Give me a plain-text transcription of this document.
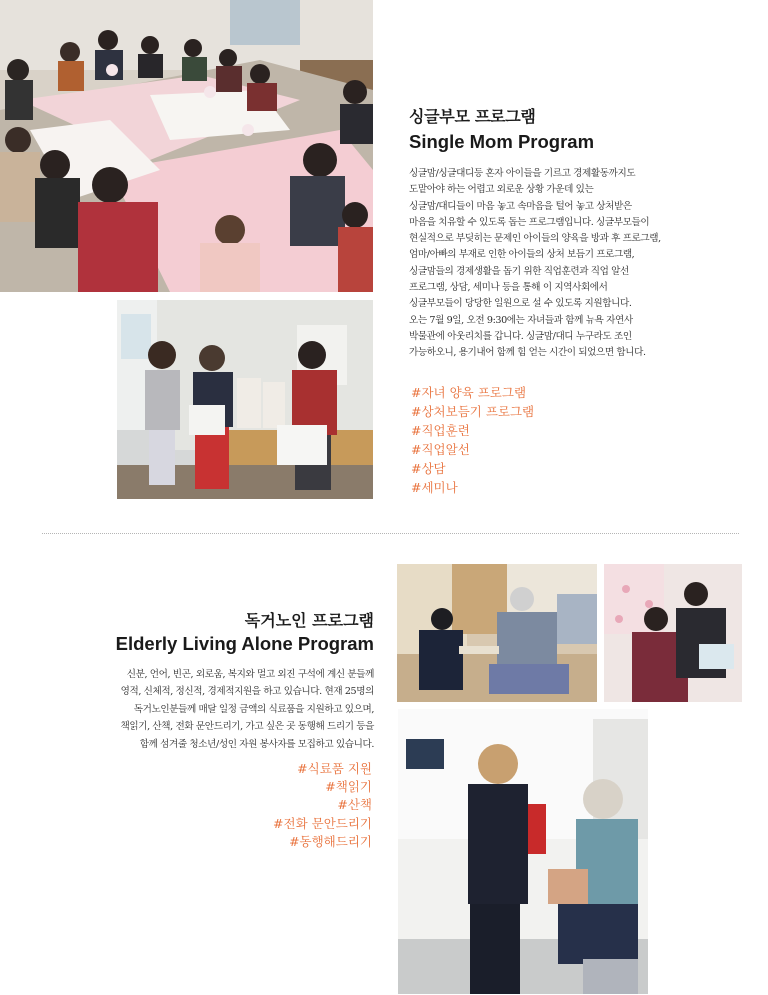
싱글부모 프로그램
Single Mom Program
싱글맘/싱글대디등 혼자 아이들을 기르고 경제활동까지도
도맡아야 하는 어렵고 외로운 상황 가운데 있는
싱글맘/대디들이 마음 놓고 속마음을 털어 놓고 상처받은
마음을 치유할 수 있도록 돕는 프로그램입니다. 싱글부모들이
현실적으로 부딪히는 문제인 아이들의 양육을 방과 후 프로그램,
엄마/아빠의 부재로 인한 아이들의 상처 보듬기 프로그램,
싱글맘들의 경제생활을 돕기 위한 직업훈련과 직업 알선
프로그램, 상담, 세미나 등을 통해 이 지역사회에서
싱글부모들이 당당한 일원으로 설 수 있도록 지원합니다.
오는 7월 9일, 오전 9:30에는 자녀들과 함께 뉴욕 자연사
박물관에 아웃리치를 갑니다. 싱글맘/대디 누구라도 조인
가능하오니, 용기내어 함께 힘 얻는 시간이 되었으면 합니다.
#자녀 양육 프로그램
#상처보듬기 프로그램
#직업훈련
#직업알선
#상담
#세미나
독거노인 프로그램
Elderly Living Alone Program
신분, 언어, 빈곤, 외로움, 복지와 멀고 외진 구석에 계신 분들께
영적, 신체적, 정신적, 경제적지원을 하고 있습니다. 현재 25명의
독거노인분들께 매달 일정 금액의 식료품을 지원하고 있으며,
책읽기, 산책, 전화 문안드리기, 가고 싶은 곳 동행해 드리기 등을
함께 섬겨줄 청소년/성인 자원 봉사자를 모집하고 있습니다.
#식료품 지원
#책읽기
#산책
#전화 문안드리기
#동행해드리기
